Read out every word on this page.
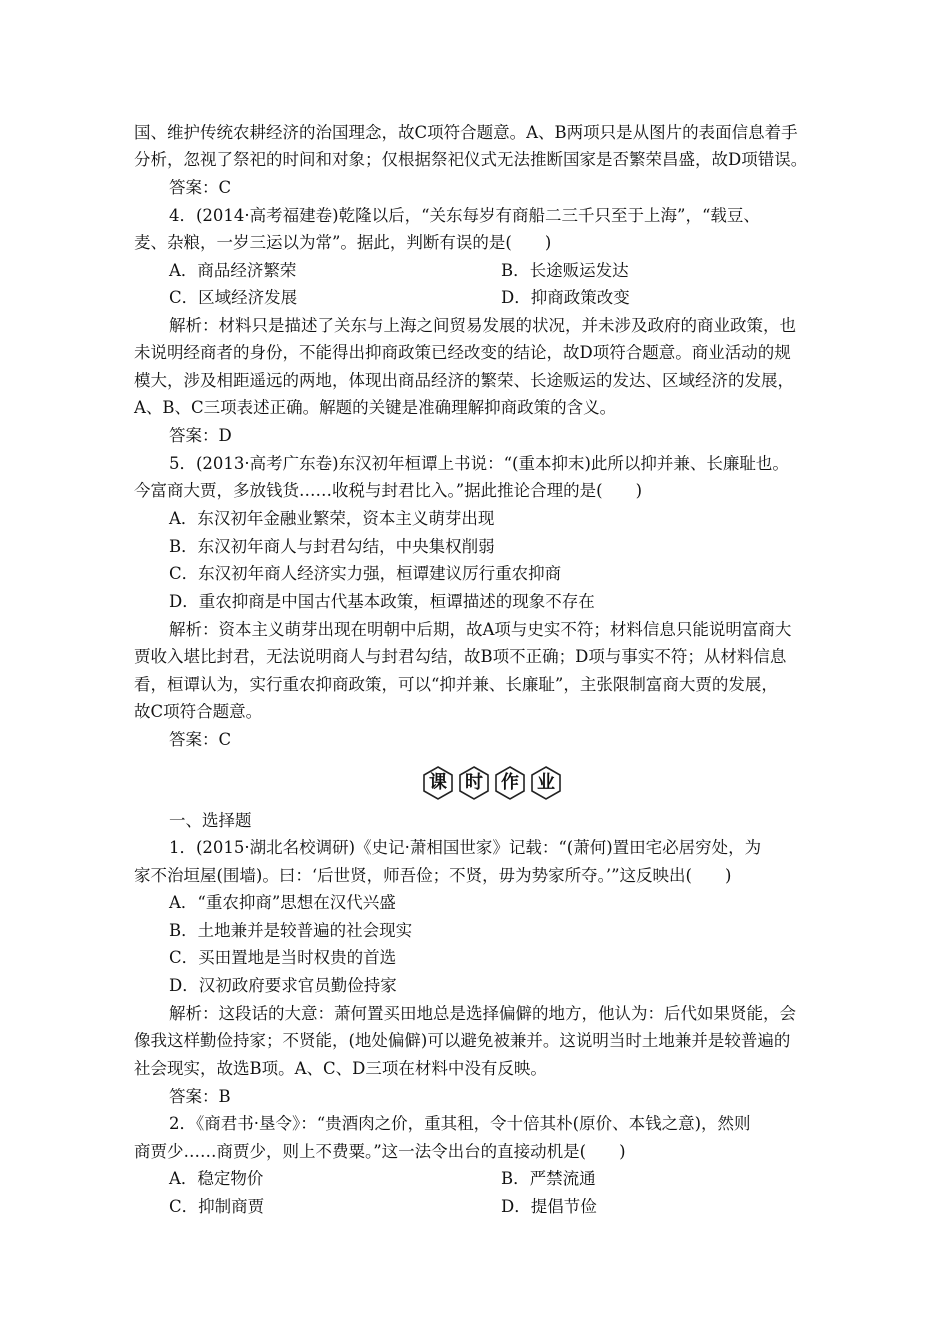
国、维护传统农耕经济的治国理念，故C项符合题意。A、B两项只是从图片的表面信息着手
分析，忽视了祭祀的时间和对象；仅根据祭祀仪式无法推断国家是否繁荣昌盛，故D项错误。
答案：C
4．(2014·高考福建卷)乾隆以后，“关东每岁有商船二三千只至于上海”，“载豆、
麦、杂粮，一岁三运以为常”。据此，判断有误的是(　　)
A．商品经济繁荣	B．长途贩运发达
C．区域经济发展	D．抑商政策改变
解析：材料只是描述了关东与上海之间贸易发展的状况，并未涉及政府的商业政策，也
未说明经商者的身份，不能得出抑商政策已经改变的结论，故D项符合题意。商业活动的规
模大，涉及相距遥远的两地，体现出商品经济的繁荣、长途贩运的发达、区域经济的发展，
A、B、C三项表述正确。解题的关键是准确理解抑商政策的含义。
答案：D
5．(2013·高考广东卷)东汉初年桓谭上书说：“(重本抑末)此所以抑并兼、长廉耻也。
今富商大贾，多放钱货……收税与封君比入。”据此推论合理的是(　　)
A．东汉初年金融业繁荣，资本主义萌芽出现
B．东汉初年商人与封君勾结，中央集权削弱
C．东汉初年商人经济实力强，桓谭建议厉行重农抑商
D．重农抑商是中国古代基本政策，桓谭描述的现象不存在
解析：资本主义萌芽出现在明朝中后期，故A项与史实不符；材料信息只能说明富商大
贾收入堪比封君，无法说明商人与封君勾结，故B项不正确；D项与事实不符；从材料信息
看，桓谭认为，实行重农抑商政策，可以“抑并兼、长廉耻”，主张限制富商大贾的发展，
故C项符合题意。
答案：C
课	时	作	业
一、选择题
1．(2015·湖北名校调研)《史记·萧相国世家》记载：“(萧何)置田宅必居穷处，为
家不治垣屋(围墙)。曰：‘后世贤，师吾俭；不贤，毋为势家所夺。’”这反映出(　　)
A．“重农抑商”思想在汉代兴盛
B．土地兼并是较普遍的社会现实
C．买田置地是当时权贵的首选
D．汉初政府要求官员勤俭持家
解析：这段话的大意：萧何置买田地总是选择偏僻的地方，他认为：后代如果贤能，会
像我这样勤俭持家；不贤能，(地处偏僻)可以避免被兼并。这说明当时土地兼并是较普遍的
社会现实，故选B项。A、C、D三项在材料中没有反映。
答案：B
2．《商君书·垦令》：“贵酒肉之价，重其租，令十倍其朴(原价、本钱之意)，然则
商贾少……商贾少，则上不费粟。”这一法令出台的直接动机是(　　)
A．稳定物价	B．严禁流通
C．抑制商贾	D．提倡节俭
